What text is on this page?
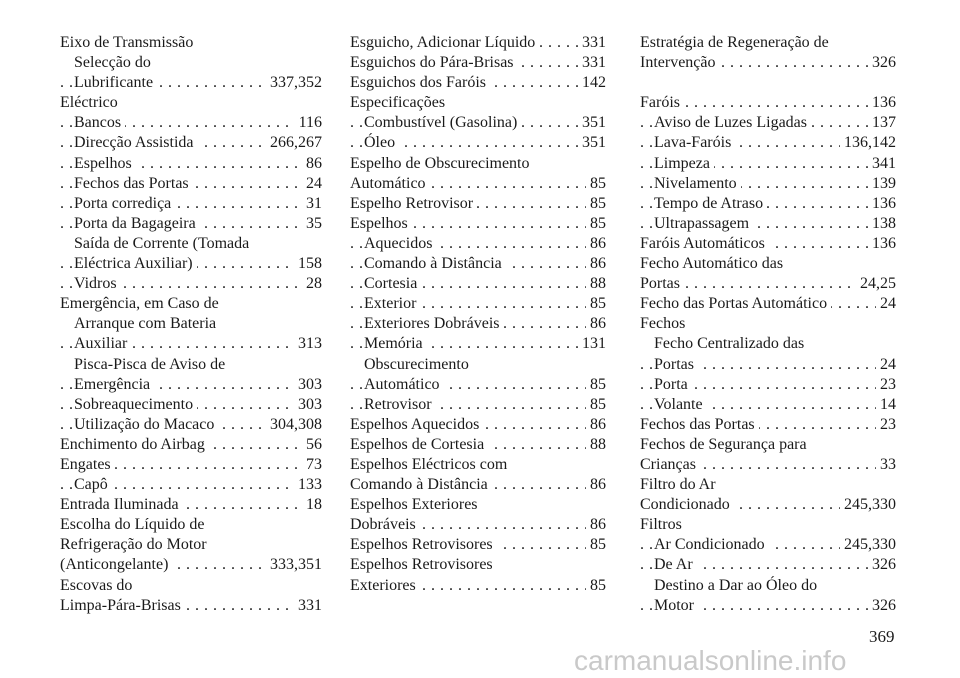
Eixo de Transmissão
Selecção do
. . . Lubrificante	337,352
Eléctrico
. . . Bancos	116
. . . Direcção Assistida	266,267
. . . Espelhos	86
. . . Fechos das Portas	24
. . . Porta corrediça	31
. . . Porta da Bagageira	35
Saída de Corrente (Tomada
. . . Eléctrica Auxiliar)	158
. . . Vidros	28
Emergência, em Caso de
Arranque com Bateria
. . . Auxiliar	313
Pisca-Pisca de Aviso de
. . . Emergência	303
. . . Sobreaquecimento	303
. . . Utilização do Macaco	304,308
. . . Enchimento do Airbag	56
. . . Engates	73
. . . Capô	133
. . . Entrada Iluminada	18
Escolha do Líquido de
Refrigeração do Motor
. . . (Anticongelante)	333,351
Escovas do
. . . Limpa-Pára-Brisas	331
. . . Esguicho, Adicionar Líquido	331
. . . Esguichos do Pára-Brisas	331
. . . Esguichos dos Faróis	142
Especificações
. . . Combustível (Gasolina)	351
. . . Óleo	351
Espelho de Obscurecimento
. . . Automático	85
. . . Espelho Retrovisor	85
. . . Espelhos	85
. . . Aquecidos	86
. . . Comando à Distância	86
. . . Cortesia	88
. . . Exterior	85
. . . Exteriores Dobráveis	86
. . . Memória	131
Obscurecimento
. . . Automático	85
. . . Retrovisor	85
. . . Espelhos Aquecidos	86
. . . Espelhos de Cortesia	88
Espelhos Eléctricos com
. . . Comando à Distância	86
Espelhos Exteriores
. . . Dobráveis	86
. . . Espelhos Retrovisores	85
Espelhos Retrovisores
. . . Exteriores	85
Estratégia de Regeneração de
. . . Intervenção	326
. . . Faróis	136
. . . Aviso de Luzes Ligadas	137
. . . Lava-Faróis	136,142
. . . Limpeza	341
. . . Nivelamento	139
. . . Tempo de Atraso	136
. . . Ultrapassagem	138
. . . Faróis Automáticos	136
Fecho Automático das
. . . Portas	24,25
. . . Fecho das Portas Automático	24
Fechos
Fecho Centralizado das
. . . Portas	24
. . . Porta	23
. . . Volante	14
. . . Fechos das Portas	23
Fechos de Segurança para
. . . Crianças	33
Filtro do Ar
. . . Condicionado	245,330
Filtros
. . . Ar Condicionado	245,330
. . . De Ar	326
Destino a Dar ao Óleo do
. . . Motor	326
369
carmanualsonline.info
